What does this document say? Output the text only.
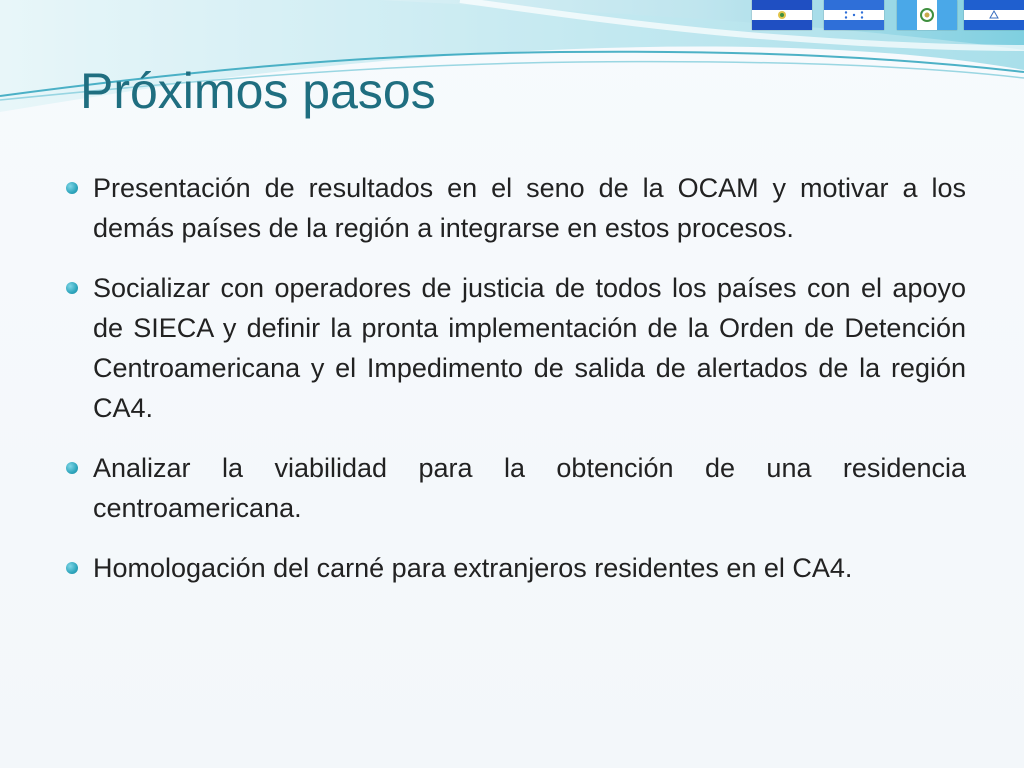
Próximos pasos
Presentación de resultados en el seno de la OCAM y motivar a los demás países de la región a integrarse en estos procesos.
Socializar con operadores de justicia de todos los países con el apoyo de SIECA y definir la pronta implementación de la Orden de Detención Centroamericana y el Impedimento de salida de alertados de la región CA4.
Analizar la viabilidad para la obtención de una residencia centroamericana.
Homologación del carné para extranjeros residentes en el CA4.
